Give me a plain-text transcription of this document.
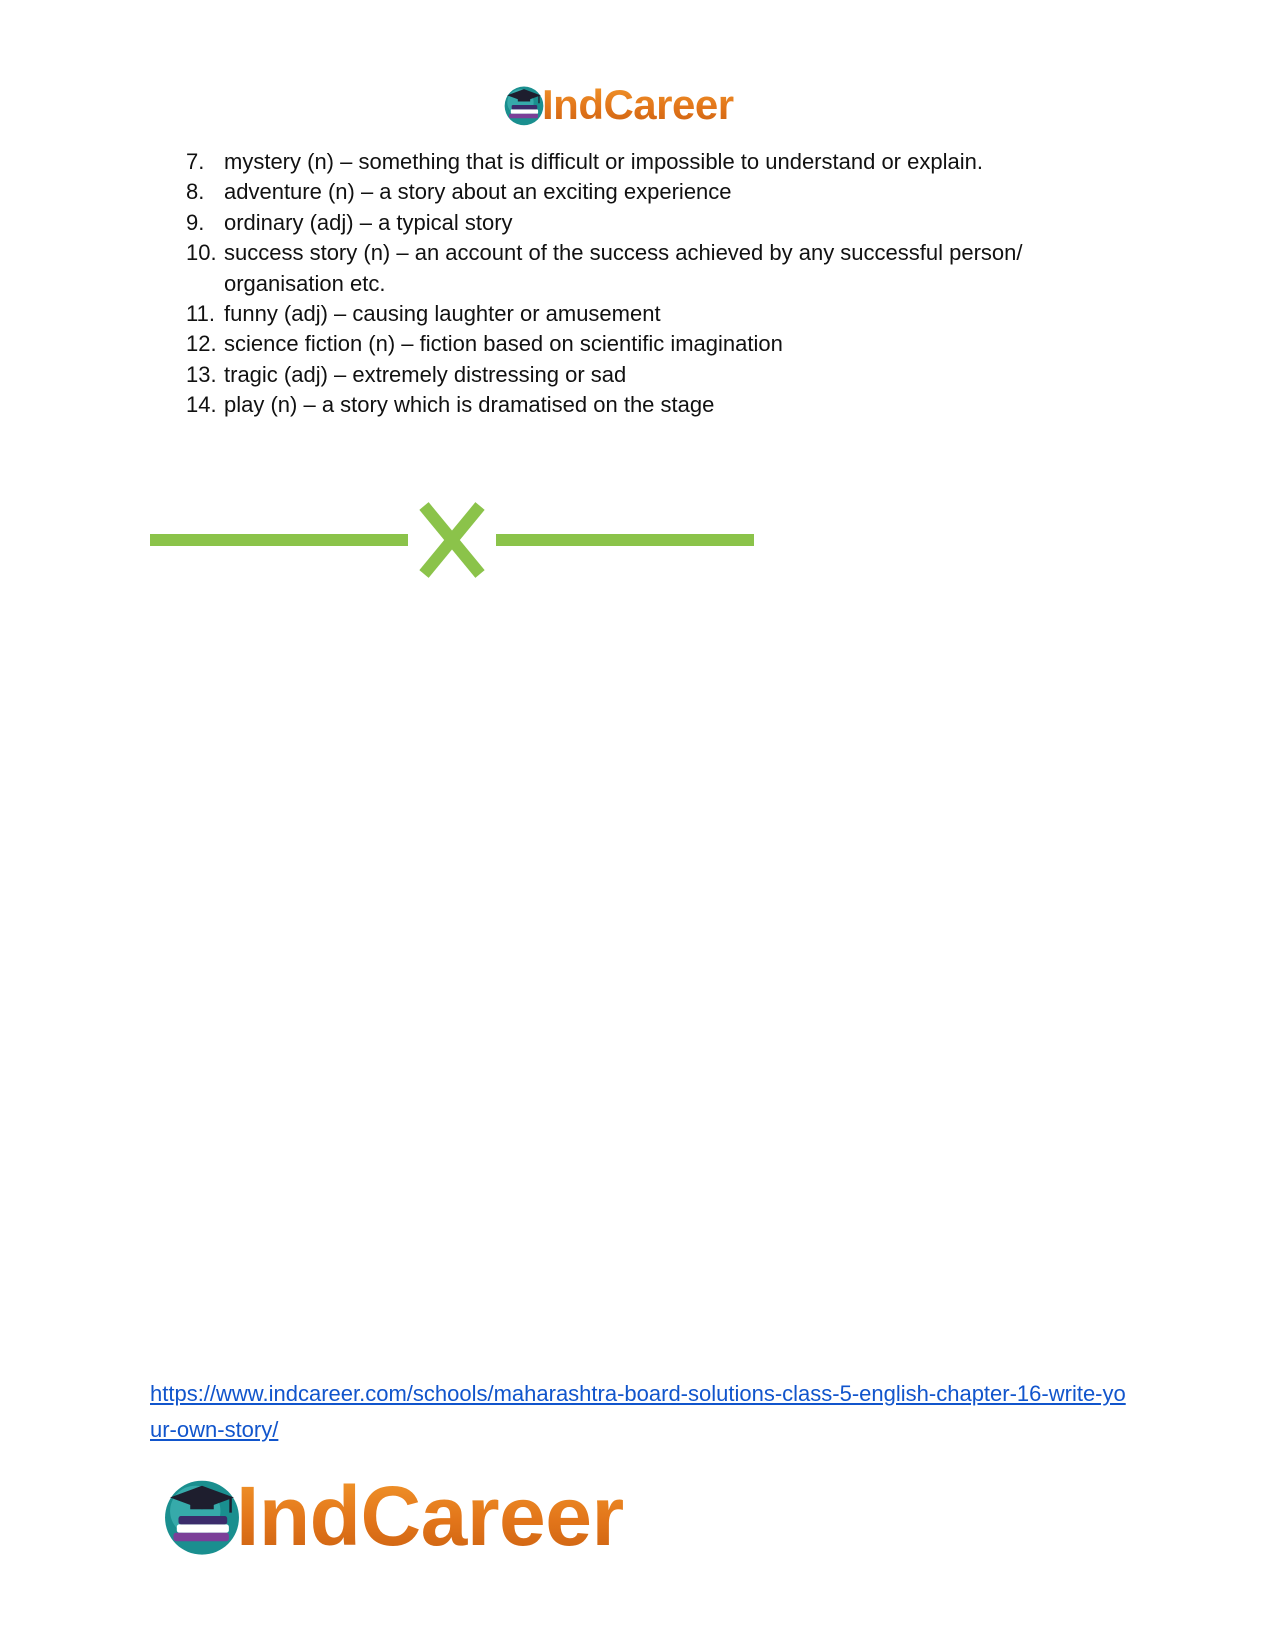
IndCareer
7. mystery (n) – something that is difficult or impossible to understand or explain.
8. adventure (n) – a story about an exciting experience
9. ordinary (adj) – a typical story
10. success story (n) – an account of the success achieved by any successful person/ organisation etc.
11. funny (adj) – causing laughter or amusement
12. science fiction (n) – fiction based on scientific imagination
13. tragic (adj) – extremely distressing or sad
14. play (n) – a story which is dramatised on the stage
https://www.indcareer.com/schools/maharashtra-board-solutions-class-5-english-chapter-16-write-your-own-story/
IndCareer
